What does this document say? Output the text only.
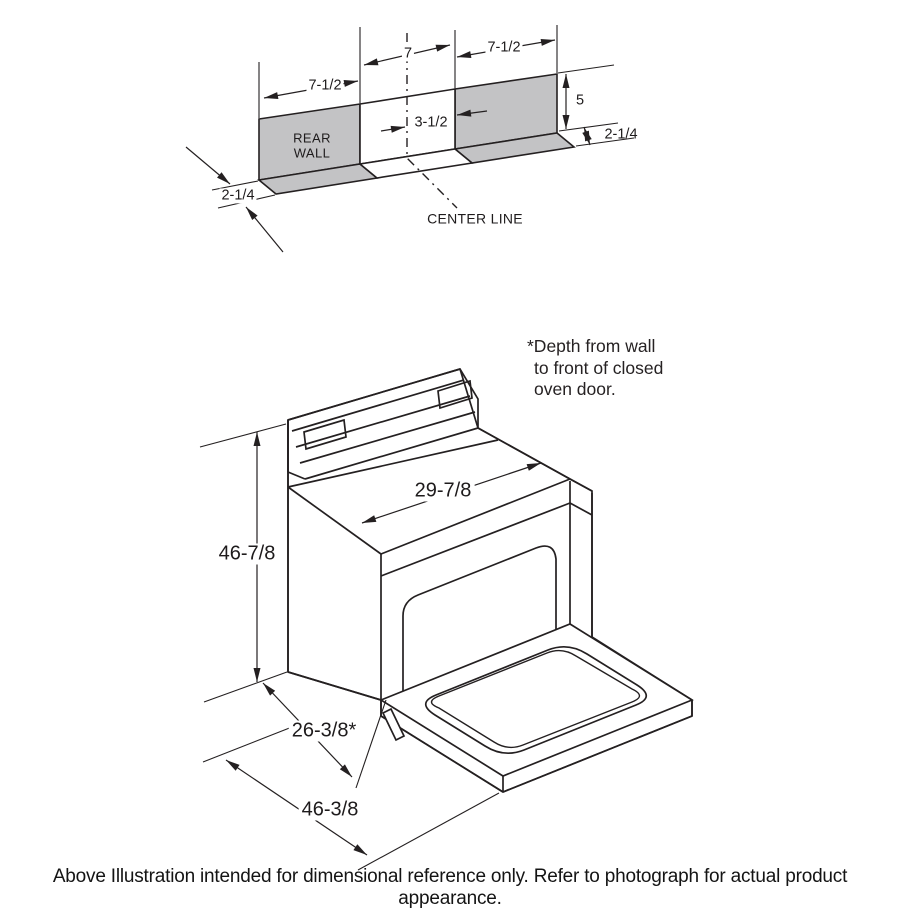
REAR
WALL
CENTER LINE
7-1/2
7	7-1/2
3-1/2
5
2-1/4
2-1/4
46-7/8
29-7/8
26-3/8*
46-3/8
*Depth from wall
to front of closed
oven door.
Above Illustration intended for dimensional reference only. Refer to photograph for actual product appearance.
